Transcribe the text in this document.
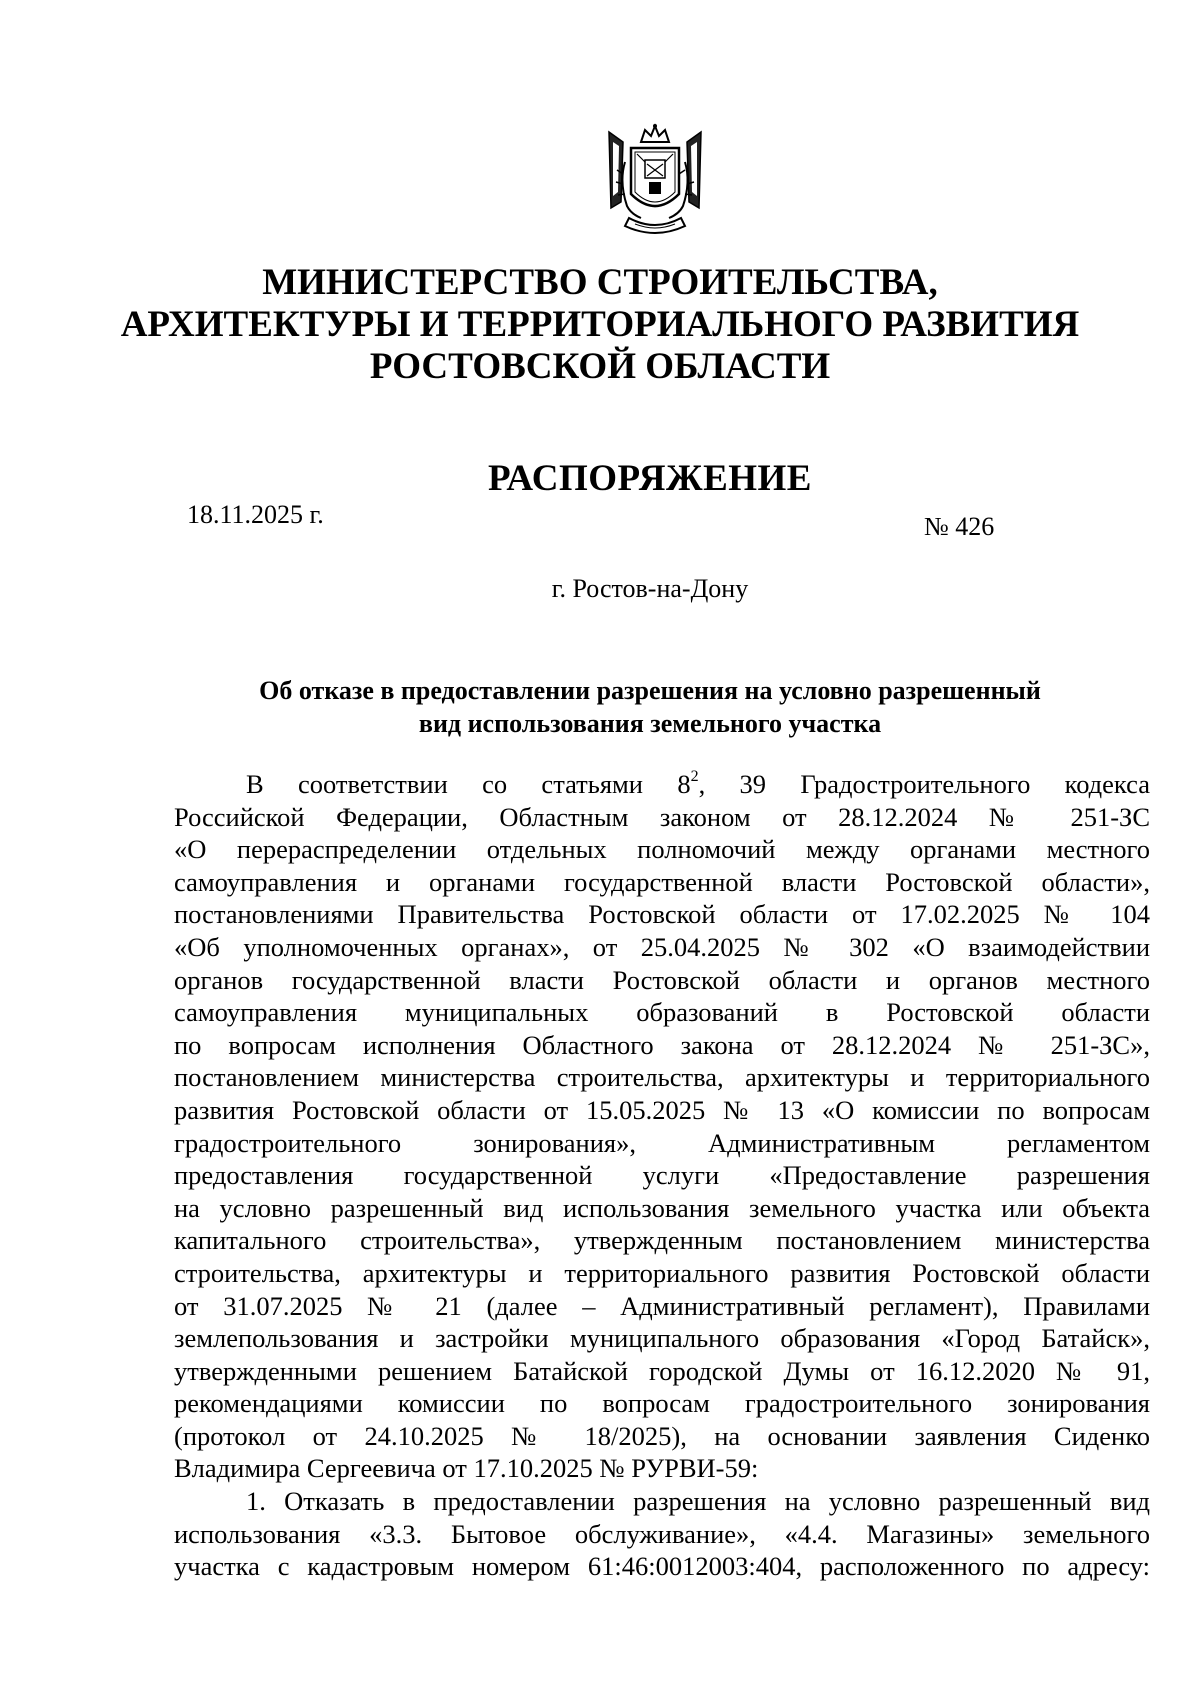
МИНИСТЕРСТВО СТРОИТЕЛЬСТВА,
АРХИТЕКТУРЫ И ТЕРРИТОРИАЛЬНОГО РАЗВИТИЯ
РОСТОВСКОЙ ОБЛАСТИ
РАСПОРЯЖЕНИЕ
18.11.2025 г.	№ 426
г. Ростов-на-Дону
Об отказе в предоставлении разрешения на условно разрешенный
вид использования земельного участка
В соответствии со статьями $8^2$, 39 Градостроительного кодекса
Российской Федерации, Областным законом от 28.12.2024 № 251-ЗС
«О перераспределении отдельных полномочий между органами местного
самоуправления и органами государственной власти Ростовской области»,
постановлениями Правительства Ростовской области от 17.02.2025 № 104
«Об уполномоченных органах», от 25.04.2025 № 302 «О взаимодействии
органов государственной власти Ростовской области и органов местного
самоуправления муниципальных образований в Ростовской области
по вопросам исполнения Областного закона от 28.12.2024 № 251-ЗС»,
постановлением министерства строительства, архитектуры и территориального
развития Ростовской области от 15.05.2025 № 13 «О комиссии по вопросам
градостроительного зонирования», Административным регламентом
предоставления государственной услуги «Предоставление разрешения
на условно разрешенный вид использования земельного участка или объекта
капитального строительства», утвержденным постановлением министерства
строительства, архитектуры и территориального развития Ростовской области
от 31.07.2025 № 21 (далее – Административный регламент), Правилами
землепользования и застройки муниципального образования «Город Батайск»,
утвержденными решением Батайской городской Думы от 16.12.2020 № 91,
рекомендациями комиссии по вопросам градостроительного зонирования
(протокол от 24.10.2025 № 18/2025), на основании заявления Сиденко
Владимира Сергеевича от 17.10.2025 № РУРВИ-59:
1. Отказать в предоставлении разрешения на условно разрешенный вид
использования «3.3. Бытовое обслуживание», «4.4. Магазины» земельного
участка с кадастровым номером 61:46:0012003:404, расположенного по адресу:
